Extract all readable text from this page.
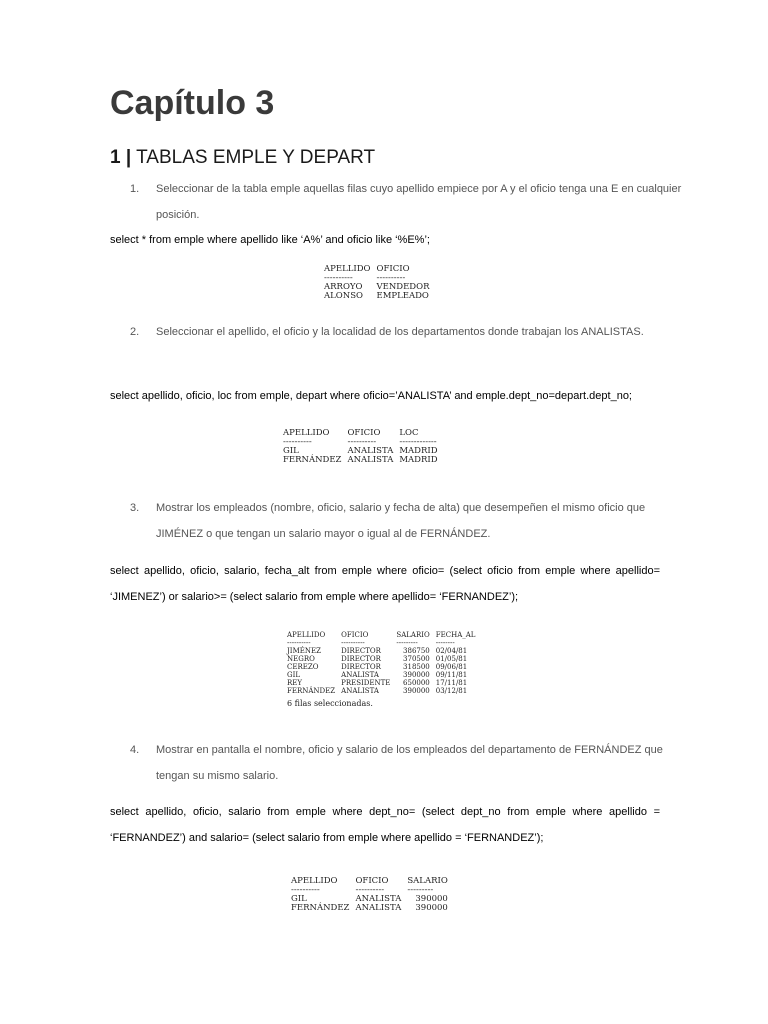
Capítulo 3
1 | TABLAS EMPLE Y DEPART
1.	Seleccionar de la tabla emple aquellas filas cuyo apellido empiece por A y el oficio tenga una E en cualquier posición.
select * from emple where apellido like ‘A%’ and oficio like ‘%E%’;
APELLIDO	OFICIO
----------	----------
ARROYO	VENDEDOR
ALONSO	EMPLEADO
2.	Seleccionar el apellido, el oficio y la localidad de los departamentos donde trabajan los ANALISTAS.
select apellido, oficio, loc from emple, depart where oficio=’ANALISTA’ and emple.dept_no=depart.dept_no;
APELLIDO	OFICIO	LOC
----------	----------	-------------
GIL	ANALISTA	MADRID
FERNÁNDEZ	ANALISTA	MADRID
3.	Mostrar los empleados (nombre, oficio, salario y fecha de alta) que desempeñen el mismo oficio que JIMÉNEZ o que tengan un salario mayor o igual al de FERNÁNDEZ.
select apellido, oficio, salario, fecha_alt from emple where oficio= (select oficio from emple where apellido=
‘JIMENEZ’) or salario>= (select salario from emple where apellido= ‘FERNANDEZ’);
APELLIDO	OFICIO	SALARIO	FECHA_AL
----------	----------	---------	--------
JIMÉNEZ	DIRECTOR	386750	02/04/81
NEGRO	DIRECTOR	370500	01/05/81
CEREZO	DIRECTOR	318500	09/06/81
GIL	ANALISTA	390000	09/11/81
REY	PRESIDENTE	650000	17/11/81
FERNÁNDEZ	ANALISTA	390000	03/12/81
6 filas seleccionadas.
4.	Mostrar en pantalla el nombre, oficio y salario de los empleados del departamento de FERNÁNDEZ que tengan su mismo salario.
select apellido, oficio, salario from emple where dept_no= (select dept_no from emple where apellido =
‘FERNANDEZ’) and salario= (select salario from emple where apellido = ‘FERNANDEZ’);
APELLIDO	OFICIO	SALARIO
----------	----------	---------
GIL	ANALISTA	390000
FERNÁNDEZ	ANALISTA	390000
